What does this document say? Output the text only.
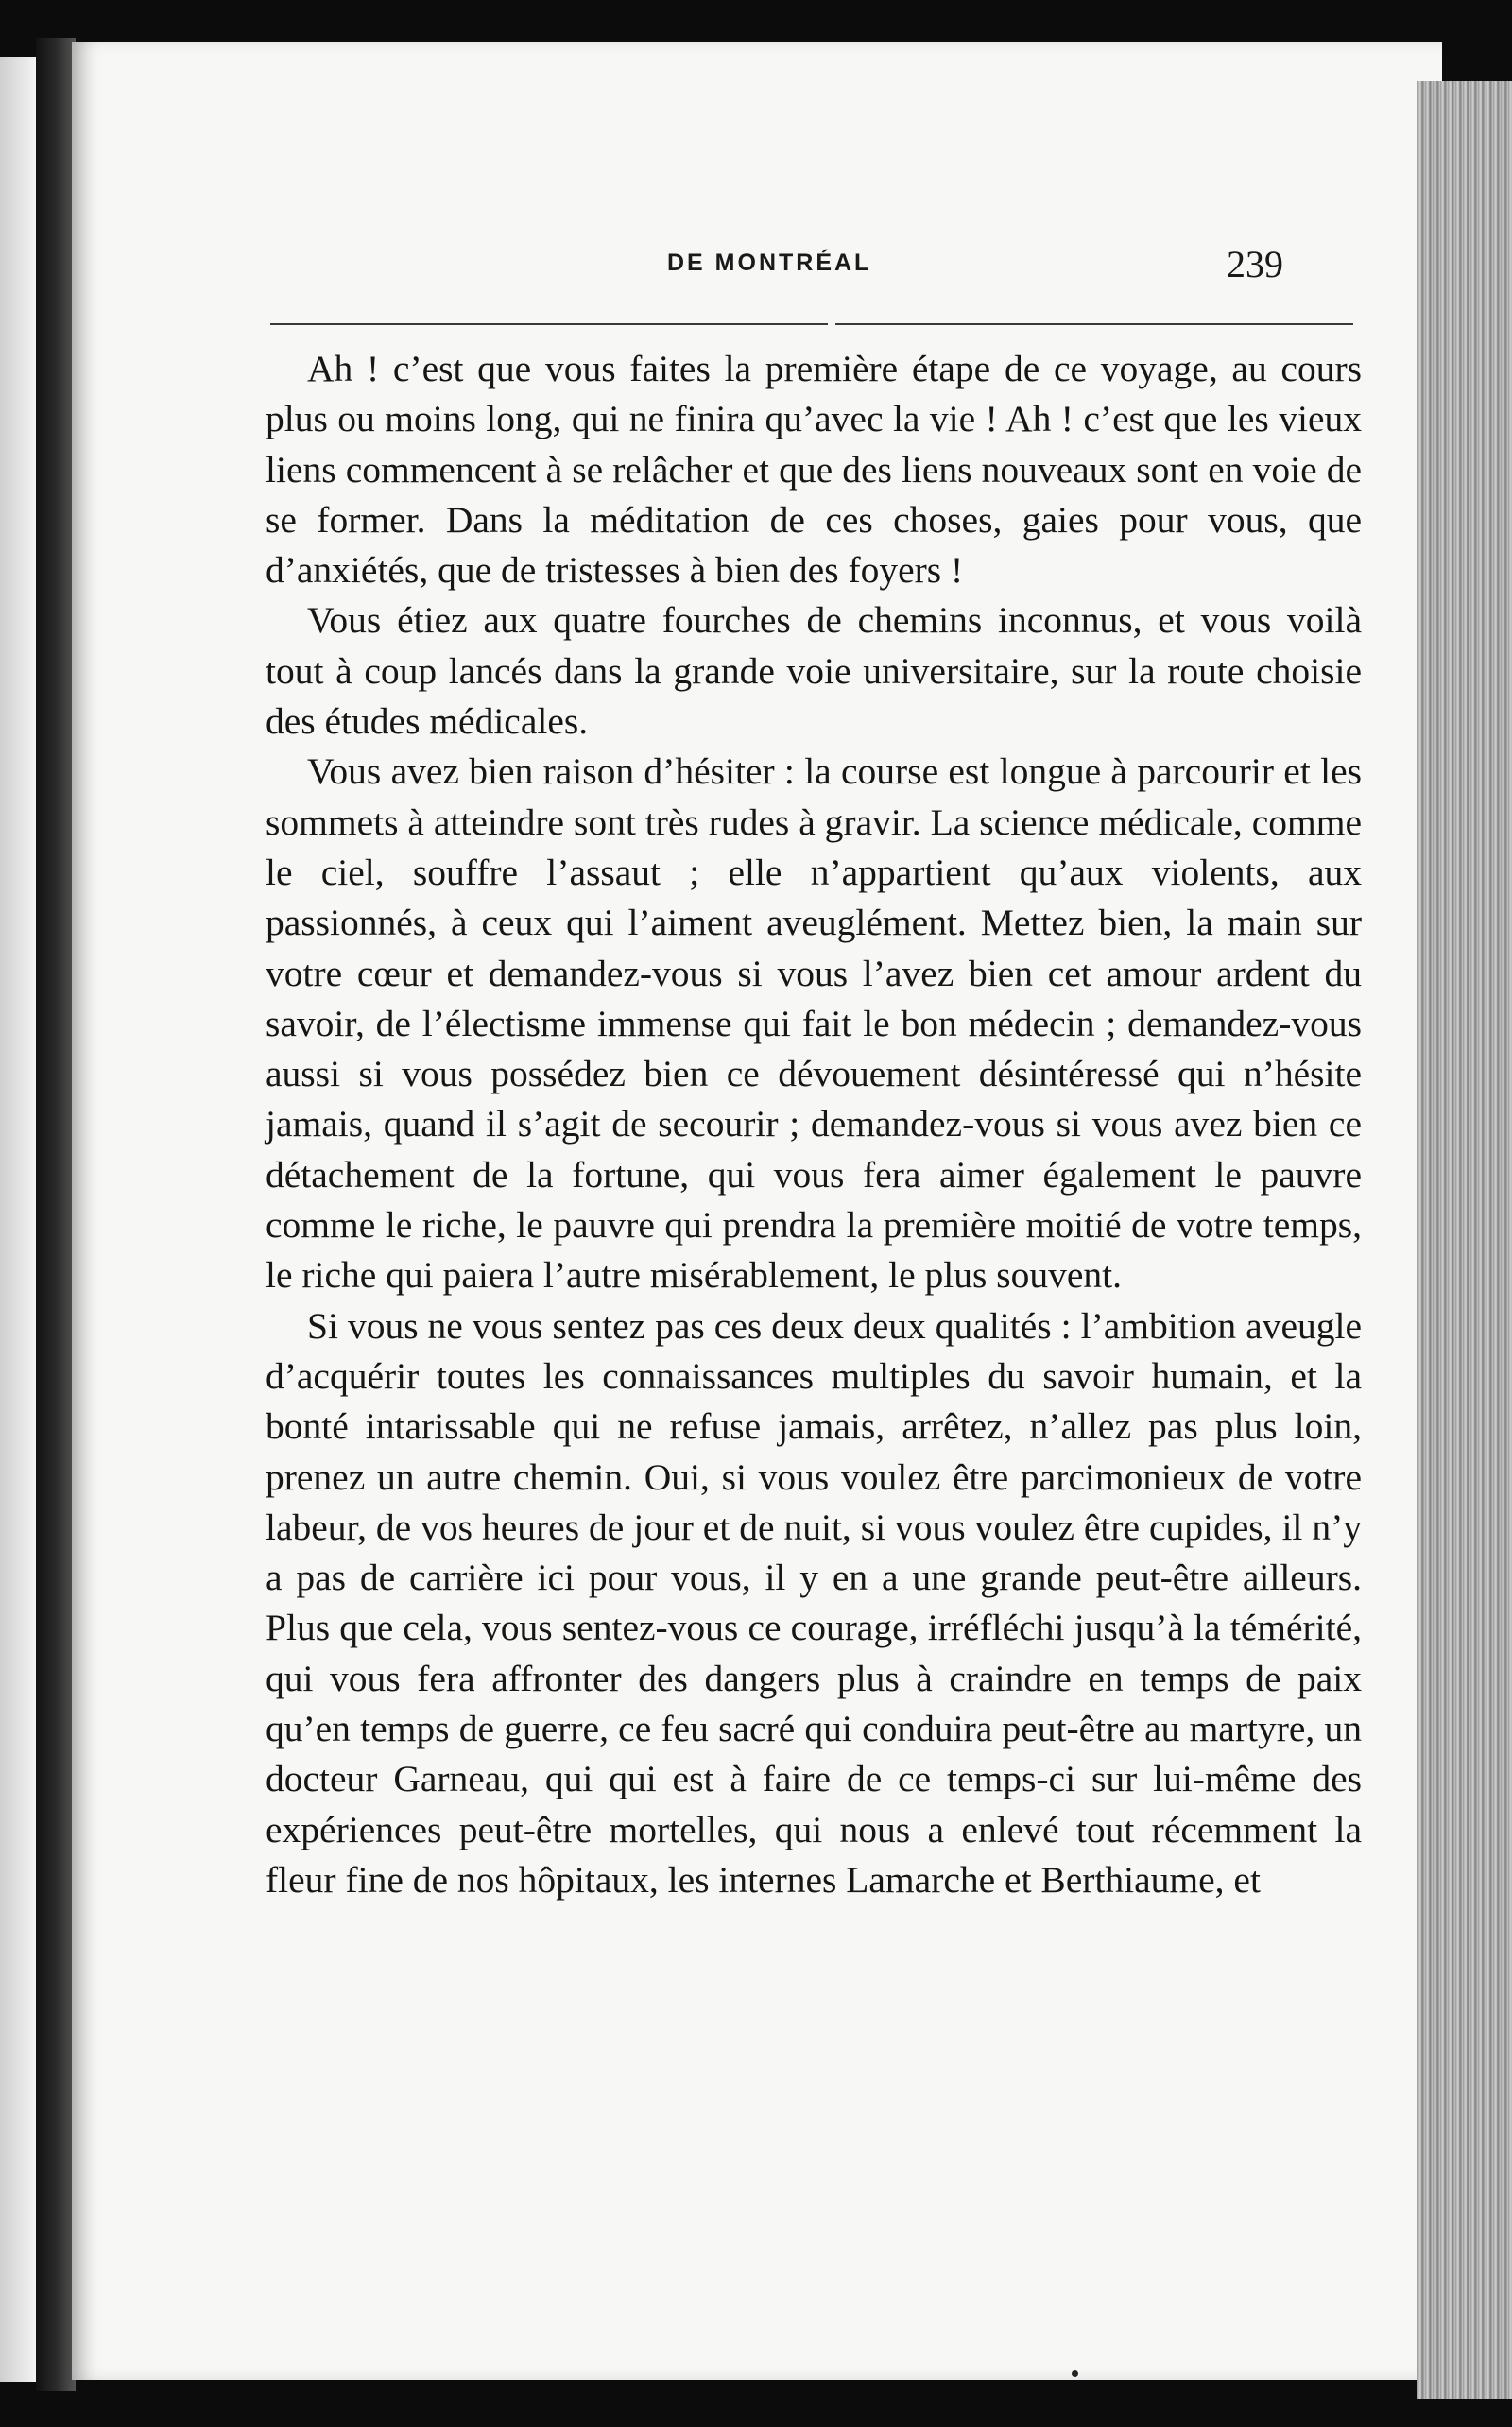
DE MONTRÉAL	239

Ah ! c’est que vous faites la première étape de ce voyage, au cours plus ou moins long, qui ne finira qu’avec la vie ! Ah ! c’est que les vieux liens commencent à se relâcher et que des liens nouveaux sont en voie de se former. Dans la méditation de ces choses, gaies pour vous, que d’anxiétés, que de tristesses à bien des foyers !

Vous étiez aux quatre fourches de chemins inconnus, et vous voilà tout à coup lancés dans la grande voie universitaire, sur la route choisie des études médicales.

Vous avez bien raison d’hésiter : la course est longue à parcourir et les sommets à atteindre sont très rudes à gravir. La science médicale, comme le ciel, souffre l’assaut ; elle n’appartient qu’aux violents, aux passionnés, à ceux qui l’aiment aveuglément. Mettez bien, la main sur votre cœur et demandez-vous si vous l’avez bien cet amour ardent du savoir, de l’électisme immense qui fait le bon médecin ; demandez-vous aussi si vous possédez bien ce dévouement désintéressé qui n’hésite jamais, quand il s’agit de secourir ; demandez-vous si vous avez bien ce détachement de la fortune, qui vous fera aimer également le pauvre comme le riche, le pauvre qui prendra la première moitié de votre temps, le riche qui paiera l’autre misérablement, le plus souvent.

Si vous ne vous sentez pas ces deux deux qualités : l’ambition aveugle d’acquérir toutes les connaissances multiples du savoir humain, et la bonté intarissable qui ne refuse jamais, arrêtez, n’allez pas plus loin, prenez un autre chemin. Oui, si vous voulez être parcimonieux de votre labeur, de vos heures de jour et de nuit, si vous voulez être cupides, il n’y a pas de carrière ici pour vous, il y en a une grande peut-être ailleurs. Plus que cela, vous sentez-vous ce courage, irréfléchi jusqu’à la témérité, qui vous fera affronter des dangers plus à craindre en temps de paix qu’en temps de guerre, ce feu sacré qui conduira peut-être au martyre, un docteur Garneau, qui qui est à faire de ce temps-ci sur lui-même des expériences peut-être mortelles, qui nous a enlevé tout récemment la fleur fine de nos hôpitaux, les internes Lamarche et Berthiaume, et
